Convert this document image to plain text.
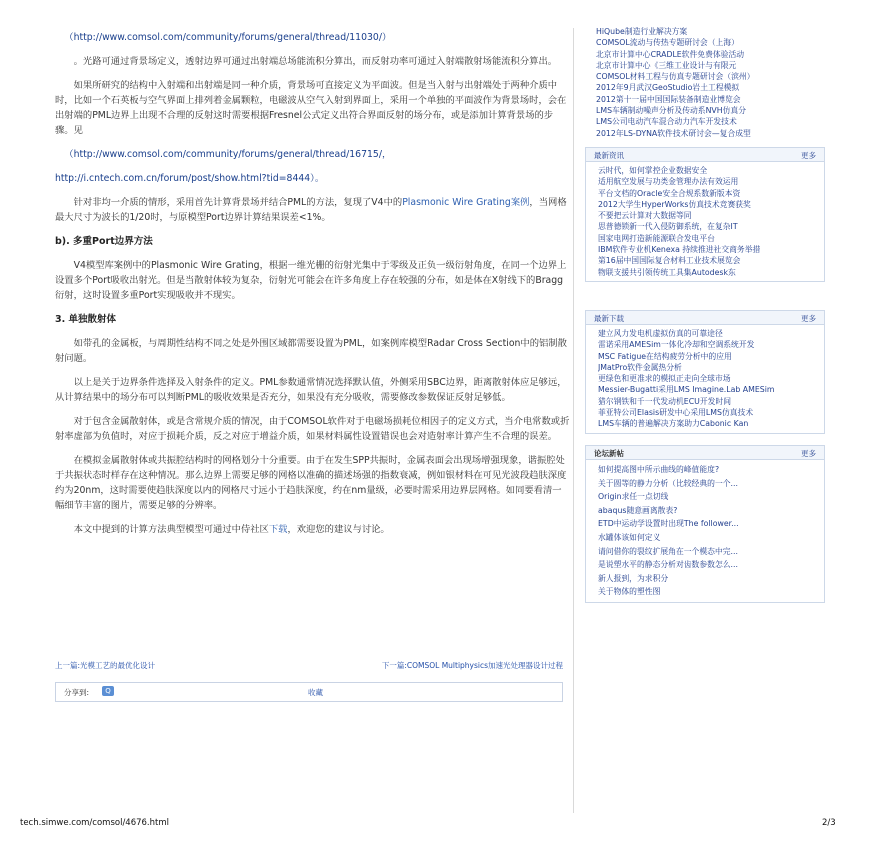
（http://www.comsol.com/community/forums/general/thread/11030/）

。光路可通过背景场定义，透射边界可通过出射端总场能流积分算出，而反射功率可通过入射端散射场能流积分算出。

如果所研究的结构中入射端和出射端是同一种介质，背景场可直接定义为平面波。但是当入射与出射端处于两种介质中时，比如一个石英板与空气界面上排列着金属颗粒，电磁波从空气入射到界面上，采用一个单独的平面波作为背景场时，会在出射端的PML边界上出现不合理的反射这时需要根据Fresnel公式定义出符合界面反射的场分布，或是添加计算背景场的步骤。见

（http://www.comsol.com/community/forums/general/thread/16715/，

http://i.cntech.com.cn/forum/post/show.html?tid=8444）。

针对非均一介质的情形，采用首先计算背景场并结合PML的方法，复现了V4中的Plasmonic Wire Grating案例，当网格最大尺寸为波长的1/20时，与原模型Port边界计算结果误差<1%。

b). 多重Port边界方法

V4模型库案例中的Plasmonic Wire Grating，根据一维光栅的衍射光集中于零级及正负一级衍射角度，在同一个边界上设置多个Port吸收出射光。但是当散射体较为复杂，衍射光可能会在许多角度上存在较强的分布，如是体在X射线下的Bragg衍射，这时设置多重Port实现吸收并不现实。

3. 单独散射体

如带孔的金属板，与周期性结构不同之处是外围区域都需要设置为PML，如案例库模型Radar Cross Section中的铝制散射问题。

以上是关于边界条件选择及入射条件的定义。PML参数通常情况选择默认值，外侧采用SBC边界，距离散射体应足够远，从计算结果中的场分布可以判断PML的吸收效果是否充分，如果没有充分吸收，需要修改参数保证反射足够低。

对于包含金属散射体，或是含常规介质的情况，由于COMSOL软件对于电磁场损耗位相因子的定义方式，当介电常数或折射率虚部为负值时，对应于损耗介质，反之对应于增益介质，如果材料属性设置错误也会对造射率计算产生不合理的误差。

在模拟金属散射体或共振腔结构时的网格划分十分重要。由于在发生SPP共振时，金属表面会出现场增强现象，谐振腔处于共振状态时样存在这种情况。那么边界上需要足够的网格以准确的描述场强的指数衰减，例如银材料在可见光波段趋肤深度约为20nm，这时需要使趋肤深度以内的网格尺寸远小于趋肤深度，约在nm量级，必要时需采用边界层网格。如同要看清一幅细节丰富的图片，需要足够的分辨率。

本文中提到的计算方法典型模型可通过中侍社区下载，欢迎您的建议与讨论。

上一篇:光模工艺的最优化设计	下一篇:COMSOL Multiphysics加速光处理器设计过程
分享到:	Q	收藏
HiQube制造行业解决方案
COMSOL流动与传热专题研讨会（上海）
北京市计算中心CRADLE软件免费体验活动
北京市计算中心《三维工业设计与有限元
COMSOL材料工程与仿真专题研讨会（滨州）
2012年9月武汉GeoStudio岩土工程模拟
2012第十一届中国国际装备制造业博览会
LMS车辆制动噪声分析及传动系NVH仿真分
LMS公司电动汽车混合动力汽车开发技术
2012年LS-DYNA软件技术研讨会—复合成型
最新资讯	更多
云时代，如何掌控企业数据安全
适用航空发展与功类金管理办法有效运用
平台文档的Oracle安全合规系数新版本资
2012大学生HyperWorks仿真技术竞赛获奖
不要把云计算对大数据等同
思普德锁新一代入侵防御系统，在复杂IT
国家电网打造新能源联合发电平台
IBM软件专业机Kenexa 持续推进社交商务举措
第16届中国国际复合材料工业技术展览会
物联支援共引领传统工具集Autodesk东
最新下载	更多
建立风力发电机虚拟仿真的可靠途径
雷诺采用AMESim一体化冷却和空调系统开发
MSC Fatigue在结构疲劳分析中的应用
JMatPro软件金属热分析
更绿色和更准求的模拟正走向全球市场
Messier-Bugatti采用LMS Imagine.Lab AMESim
猎尔钢铁和千一代发动机ECU开发时间
菲亚特公司Elasis研发中心采用LMS仿真技术
LMS车辆的普遍解决方案助力Cabonic Kan
论坛新帖	更多
如何提高图中所示曲线的峰值能度?
关于圆等的静力分析（比较经典的一个...
Origin求任一点切线
abaqus随意画离散表?
ETD中运动学设置时出现The follower...
水罐体该如何定义
请问借你的裂纹扩展角在一个模态中完...
是说塑水平的静态分析对齿数参数怎么...
新人报到，为求积分
关于物体的塑性图
tech.simwe.com/comsol/4676.html	2/3
